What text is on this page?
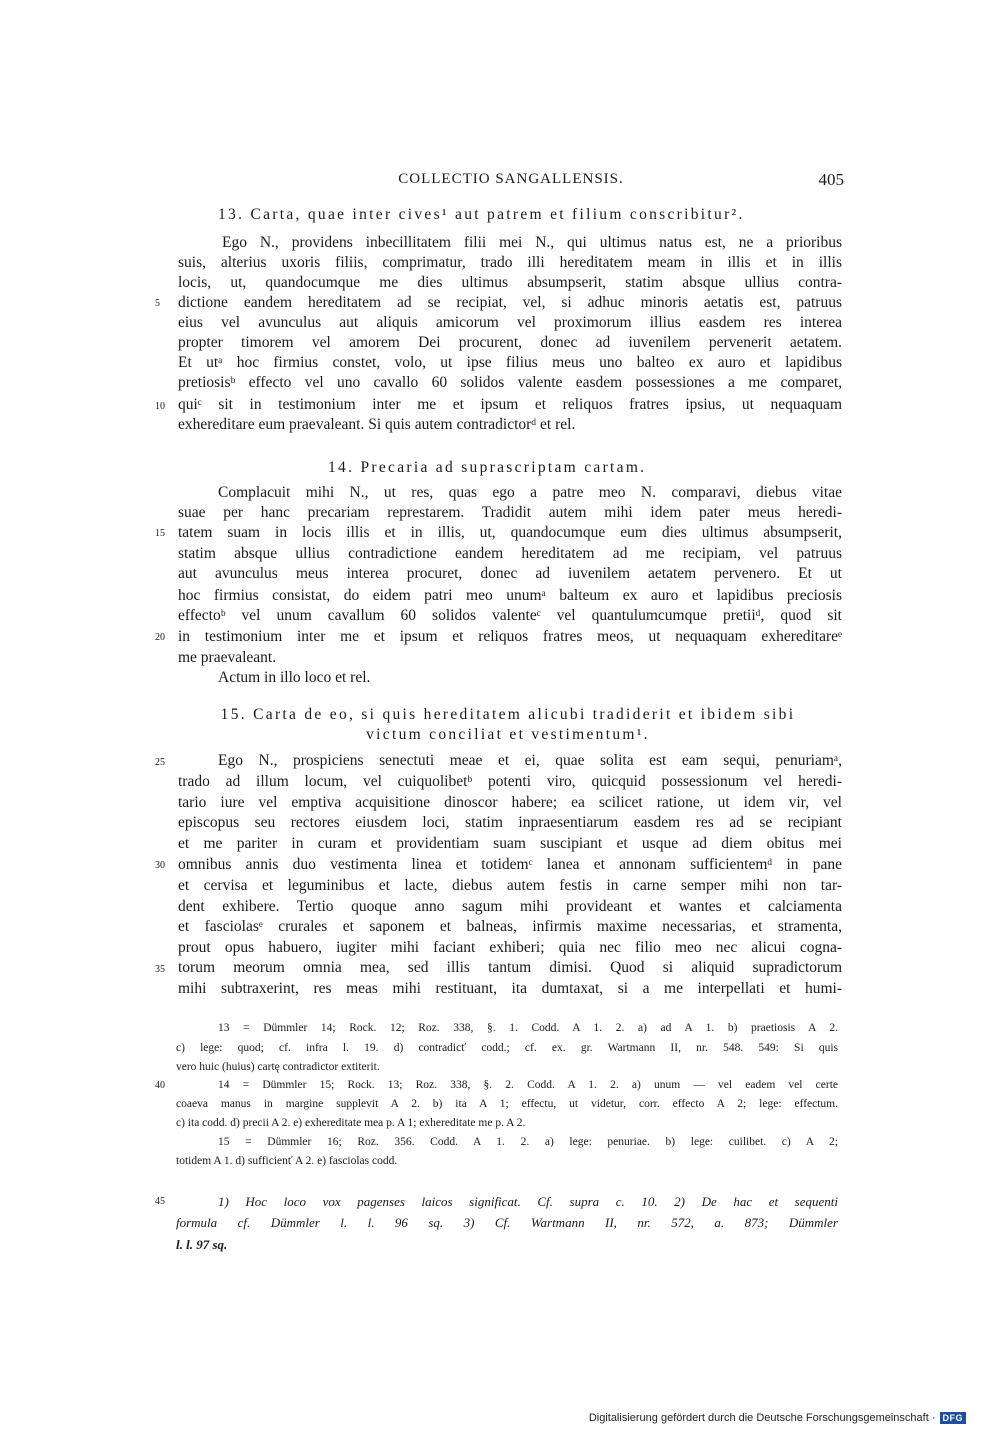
COLLECTIO SANGALLENSIS.	405
13. Carta, quae inter cives¹ aut patrem et filium conscribitur².
Ego N., providens inbecillitatem filii mei N., qui ultimus natus est, ne a prioribus
suis, alterius uxoris filiis, comprimatur, trado illi hereditatem meam in illis et in illis
locis, ut, quandocumque me dies ultimus absumpserit, statim absque ullius contra-
dictione eandem hereditatem ad se recipiat, vel, si adhuc minoris aetatis est, patruus
eius vel avunculus aut aliquis amicorum vel proximorum illius easdem res interea
propter timorem vel amorem Dei procurent, donec ad iuvenilem pervenerit aetatem.
Et utᵃ hoc firmius constet, volo, ut ipse filius meus uno balteo ex auro et lapidibus
pretiosisᵇ effecto vel uno cavallo 60 solidos valente easdem possessiones a me comparet,
quiᶜ sit in testimonium inter me et ipsum et reliquos fratres ipsius, ut nequaquam
exhereditare eum praevaleant. Si quis autem contradictorᵈ et rel.
14. Precaria ad suprascriptam cartam.
Complacuit mihi N., ut res, quas ego a patre meo N. comparavi, diebus vitae
suae per hanc precariam represtarem. Tradidit autem mihi idem pater meus heredi-
tatem suam in locis illis et in illis, ut, quandocumque eum dies ultimus absumpserit,
statim absque ullius contradictione eandem hereditatem ad me recipiam, vel patruus
aut avunculus meus interea procuret, donec ad iuvenilem aetatem pervenero. Et ut
hoc firmius consistat, do eidem patri meo unumᵃ balteum ex auro et lapidibus preciosis
effectoᵇ vel unum cavallum 60 solidos valenteᶜ vel quantulumcumque pretiiᵈ, quod sit
in testimonium inter me et ipsum et reliquos fratres meos, ut nequaquam exhereditareᵉ
me praevaleant.
Actum in illo loco et rel.
15. Carta de eo, si quis hereditatem alicubi tradiderit et ibidem sibi
victum conciliat et vestimentum¹.
Ego N., prospiciens senectuti meae et ei, quae solita est eam sequi, penuriamᵃ,
trado ad illum locum, vel cuiquolibetᵇ potenti viro, quicquid possessionum vel heredi-
tario iure vel emptiva acquisitione dinoscor habere; ea scilicet ratione, ut idem vir, vel
episcopus seu rectores eiusdem loci, statim inpraesentiarum easdem res ad se recipiant
et me pariter in curam et providentiam suam suscipiant et usque ad diem obitus mei
omnibus annis duo vestimenta linea et totidemᶜ lanea et annonam sufficientemᵈ in pane
et cervisa et leguminibus et lacte, diebus autem festis in carne semper mihi non tar-
dent exhibere. Tertio quoque anno sagum mihi provideant et wantes et calciamenta
et fasciolasᵉ crurales et saponem et balneas, infirmis maxime necessarias, et stramenta,
prout opus habuero, iugiter mihi faciant exhiberi; quia nec filio meo nec alicui cogna-
torum meorum omnia mea, sed illis tantum dimisi. Quod si aliquid supradictorum
mihi subtraxerint, res meas mihi restituant, ita dumtaxat, si a me interpellati et humi-
5
10
15
20
25
30
35
40
45
13 = Dümmler 14; Rock. 12; Roz. 338, §. 1. Codd. A 1. 2. a) ad A 1. b) praetiosis A 2.
c) lege: quod; cf. infra l. 19. d) contradicť codd.; cf. ex. gr. Wartmann II, nr. 548. 549: Si quis
vero huic (huius) cartę contradictor extiterit.
14 = Dümmler 15; Rock. 13; Roz. 338, §. 2. Codd. A 1. 2. a) unum — vel eadem vel certe
coaeva manus in margine supplevit A 2. b) ita A 1; effectu, ut videtur, corr. effecto A 2; lege: effectum.
c) ita codd. d) precii A 2. e) exhereditate mea p. A 1; exhereditate me p. A 2.
15 = Dümmler 16; Roz. 356. Codd. A 1. 2. a) lege: penuriae. b) lege: cuilibet. c) A 2;
totidem A 1. d) sufficienť A 2. e) fasciolas codd.
1) Hoc loco vox pagenses laicos significat. Cf. supra c. 10. 2) De hac et sequenti
formula cf. Dümmler l. l. 96 sq. 3) Cf. Wartmann II, nr. 572, a. 873; Dümmler
l. l. 97 sq.
Digitalisierung gefördert durch die Deutsche Forschungsgemeinschaft · DFG
